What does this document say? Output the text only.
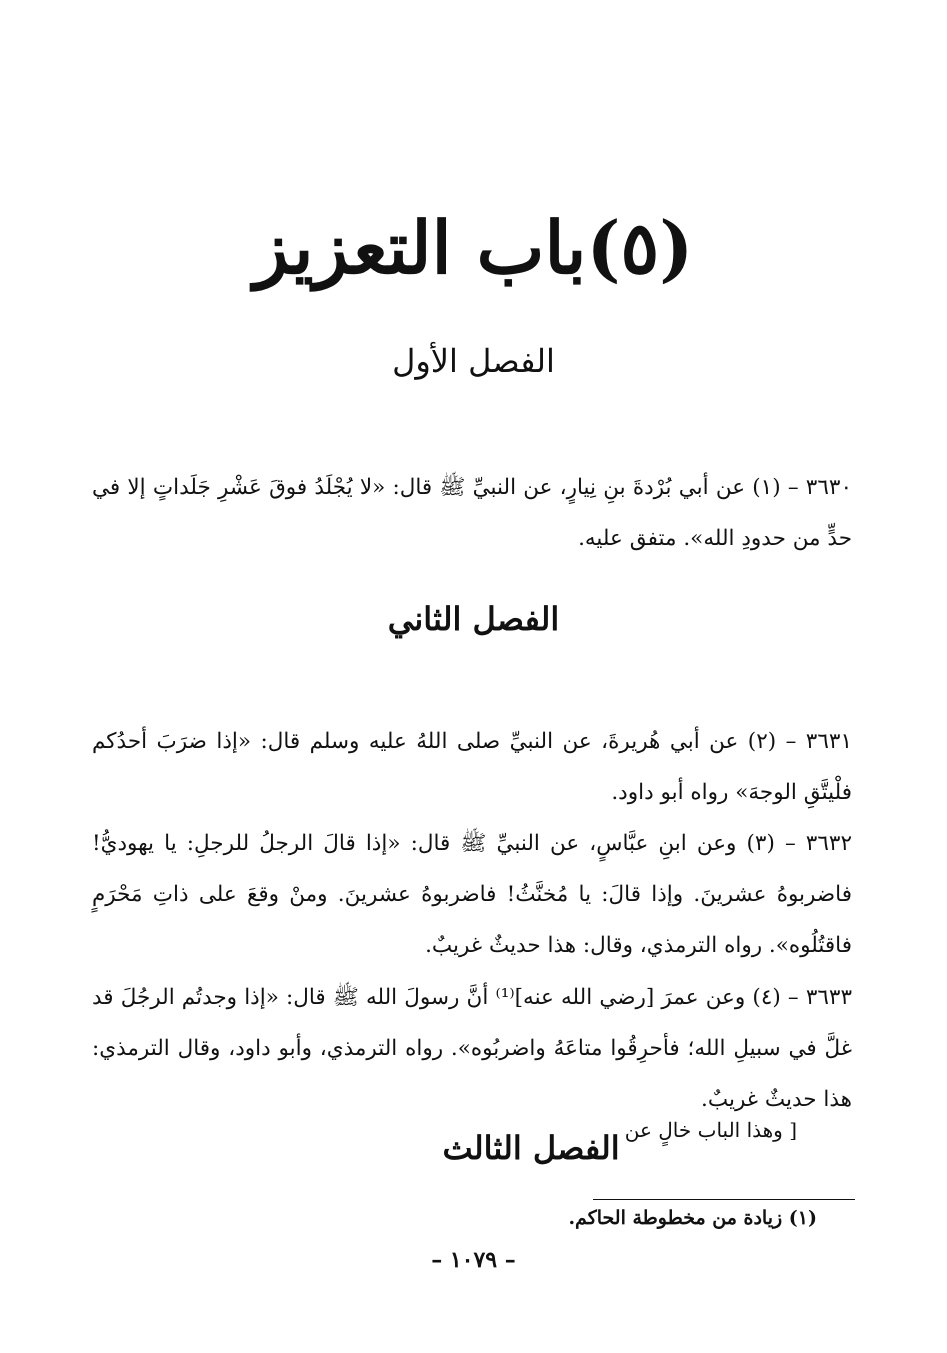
(٥)باب التعزيز
الفصل الأول

٣٦٣٠ – (١) عن أبي بُرْدةَ بنِ نِيارٍ، عن النبيِّ ﷺ قال: «لا يُجْلَدُ فوقَ عَشْرِ جَلَداتٍ إلا في حدٍّ من حدودِ الله». متفق عليه.

الفصل الثاني

٣٦٣١ – (٢) عن أبي هُريرةَ، عن النبيِّ صلى اللهُ عليه وسلم قال: «إذا ضرَبَ أحدُكم فلْيتَّقِ الوجهَ» رواه أبو داود.

٣٦٣٢ – (٣) وعن ابنِ عبَّاسٍ، عن النبيِّ ﷺ قال: «إذا قالَ الرجلُ للرجلِ: يا يهوديُّ! فاضربوهُ عشرينَ. وإذا قالَ: يا مُخنَّثُ! فاضربوهُ عشرينَ. ومنْ وقعَ على ذاتِ مَحْرَمٍ فاقتُلُوه». رواه الترمذي، وقال: هذا حديثٌ غريبٌ.

٣٦٣٣ – (٤) وعن عمرَ [رضي الله عنه]⁽¹⁾ أنَّ رسولَ الله ﷺ قال: «إذا وجدتُم الرجُلَ قد غلَّ في سبيلِ الله؛ فأحرِقُوا متاعَهُ واضربُوه». رواه الترمذي، وأبو داود، وقال الترمذي: هذا حديثٌ غريبٌ.

[ وهذا الباب خالٍ عن الفصل الثالث
(١) زيادة من مخطوطة الحاكم.
– ١٠٧٩ –
